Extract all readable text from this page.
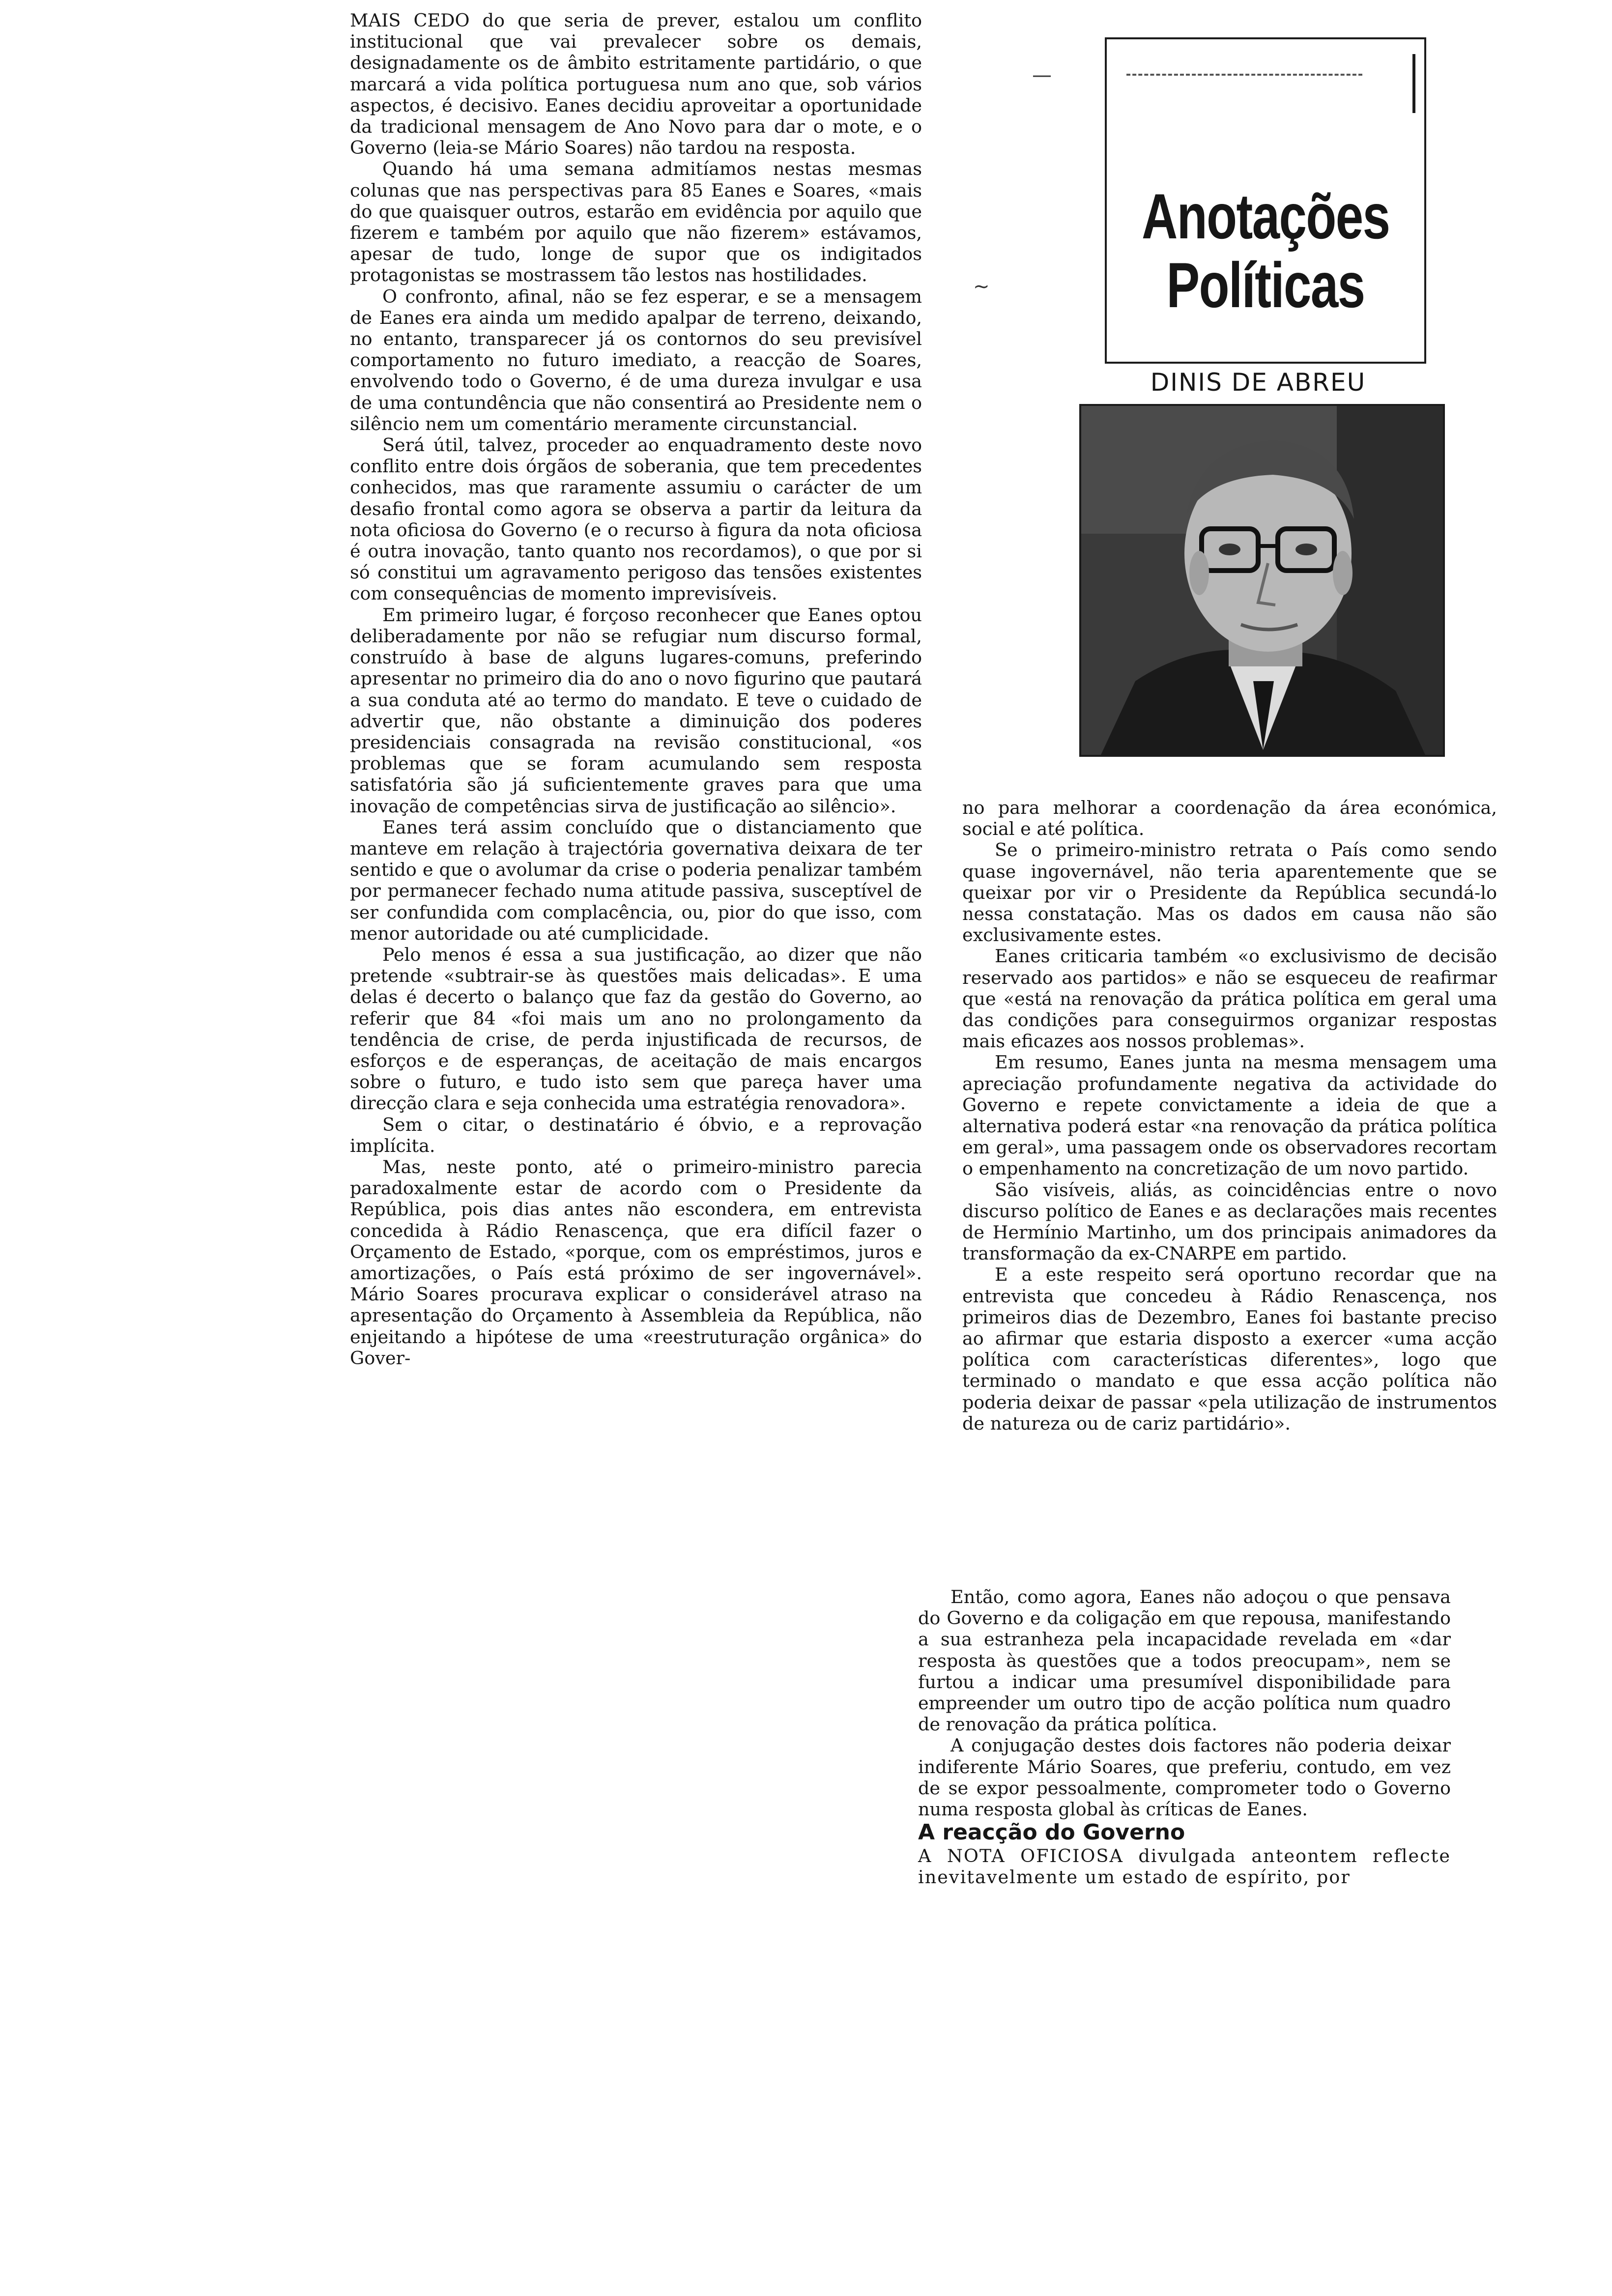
Anotações
Políticas
DINIS DE ABREU

MAIS CEDO do que seria de prever, estalou um conflito institucional que vai prevalecer sobre os demais, designadamente os de âmbito estritamente partidário, o que marcará a vida política portuguesa num ano que, sob vários aspectos, é decisivo. Eanes decidiu aproveitar a oportunidade da tradicional mensagem de Ano Novo para dar o mote, e o Governo (leia-se Mário Soares) não tardou na resposta.

Quando há uma semana admitíamos nestas mesmas colunas que nas perspectivas para 85 Eanes e Soares, «mais do que quaisquer outros, estarão em evidência por aquilo que fizerem e também por aquilo que não fizerem» estávamos, apesar de tudo, longe de supor que os indigitados protagonistas se mostrassem tão lestos nas hostilidades.

O confronto, afinal, não se fez esperar, e se a mensagem de Eanes era ainda um medido apalpar de terreno, deixando, no entanto, transparecer já os contornos do seu previsível comportamento no futuro imediato, a reacção de Soares, envolvendo todo o Governo, é de uma dureza invulgar e usa de uma contundência que não consentirá ao Presidente nem o silêncio nem um comentário meramente circunstancial.

Será útil, talvez, proceder ao enquadramento deste novo conflito entre dois órgãos de soberania, que tem precedentes conhecidos, mas que raramente assumiu o carácter de um desafio frontal como agora se observa a partir da leitura da nota oficiosa do Governo (e o recurso à figura da nota oficiosa é outra inovação, tanto quanto nos recordamos), o que por si só constitui um agravamento perigoso das tensões existentes com consequências de momento imprevisíveis.

Em primeiro lugar, é forçoso reconhecer que Eanes optou deliberadamente por não se refugiar num discurso formal, construído à base de alguns lugares-comuns, preferindo apresentar no primeiro dia do ano o novo figurino que pautará a sua conduta até ao termo do mandato. E teve o cuidado de advertir que, não obstante a diminuição dos poderes presidenciais consagrada na revisão constitucional, «os problemas que se foram acumulando sem resposta satisfatória são já suficientemente graves para que uma inovação de competências sirva de justificação ao silêncio».

Eanes terá assim concluído que o distanciamento que manteve em relação à trajectória governativa deixara de ter sentido e que o avolumar da crise o poderia penalizar também por permanecer fechado numa atitude passiva, susceptível de ser confundida com complacência, ou, pior do que isso, com menor autoridade ou até cumplicidade.

Pelo menos é essa a sua justificação, ao dizer que não pretende «subtrair-se às questões mais delicadas». E uma delas é decerto o balanço que faz da gestão do Governo, ao referir que 84 «foi mais um ano no prolongamento da tendência de crise, de perda injustificada de recursos, de esforços e de esperanças, de aceitação de mais encargos sobre o futuro, e tudo isto sem que pareça haver uma direcção clara e seja conhecida uma estratégia renovadora».

Sem o citar, o destinatário é óbvio, e a reprovação implícita.

Mas, neste ponto, até o primeiro-ministro parecia paradoxalmente estar de acordo com o Presidente da República, pois dias antes não escondera, em entrevista concedida à Rádio Renascença, que era difícil fazer o Orçamento de Estado, «porque, com os empréstimos, juros e amortizações, o País está próximo de ser ingovernável». Mário Soares procurava explicar o considerável atraso na apresentação do Orçamento à Assembleia da República, não enjeitando a hipótese de uma «reestruturação orgânica» do Gover-

no para melhorar a coordenação da área económica, social e até política.

Se o primeiro-ministro retrata o País como sendo quase ingovernável, não teria aparentemente que se queixar por vir o Presidente da República secundá-lo nessa constatação. Mas os dados em causa não são exclusivamente estes.

Eanes criticaria também «o exclusivismo de decisão reservado aos partidos» e não se esqueceu de reafirmar que «está na renovação da prática política em geral uma das condições para conseguirmos organizar respostas mais eficazes aos nossos problemas».

Em resumo, Eanes junta na mesma mensagem uma apreciação profundamente negativa da actividade do Governo e repete convictamente a ideia de que a alternativa poderá estar «na renovação da prática política em geral», uma passagem onde os observadores recortam o empenhamento na concretização de um novo partido.

São visíveis, aliás, as coincidências entre o novo discurso político de Eanes e as declarações mais recentes de Hermínio Martinho, um dos principais animadores da transformação da ex-CNARPE em partido.

E a este respeito será oportuno recordar que na entrevista que concedeu à Rádio Renascença, nos primeiros dias de Dezembro, Eanes foi bastante preciso ao afirmar que estaria disposto a exercer «uma acção política com características diferentes», logo que terminado o mandato e que essa acção política não poderia deixar de passar «pela utilização de instrumentos de natureza ou de cariz partidário».

Então, como agora, Eanes não adoçou o que pensava do Governo e da coligação em que repousa, manifestando a sua estranheza pela incapacidade revelada em «dar resposta às questões que a todos preocupam», nem se furtou a indicar uma presumível disponibilidade para empreender um outro tipo de acção política num quadro de renovação da prática política.

A conjugação destes dois factores não poderia deixar indiferente Mário Soares, que preferiu, contudo, em vez de se expor pessoalmente, comprometer todo o Governo numa resposta global às críticas de Eanes.

A reacção do Governo

A NOTA OFICIOSA divulgada anteontem reflecte inevitavelmente um estado de espírito, por

—
~
